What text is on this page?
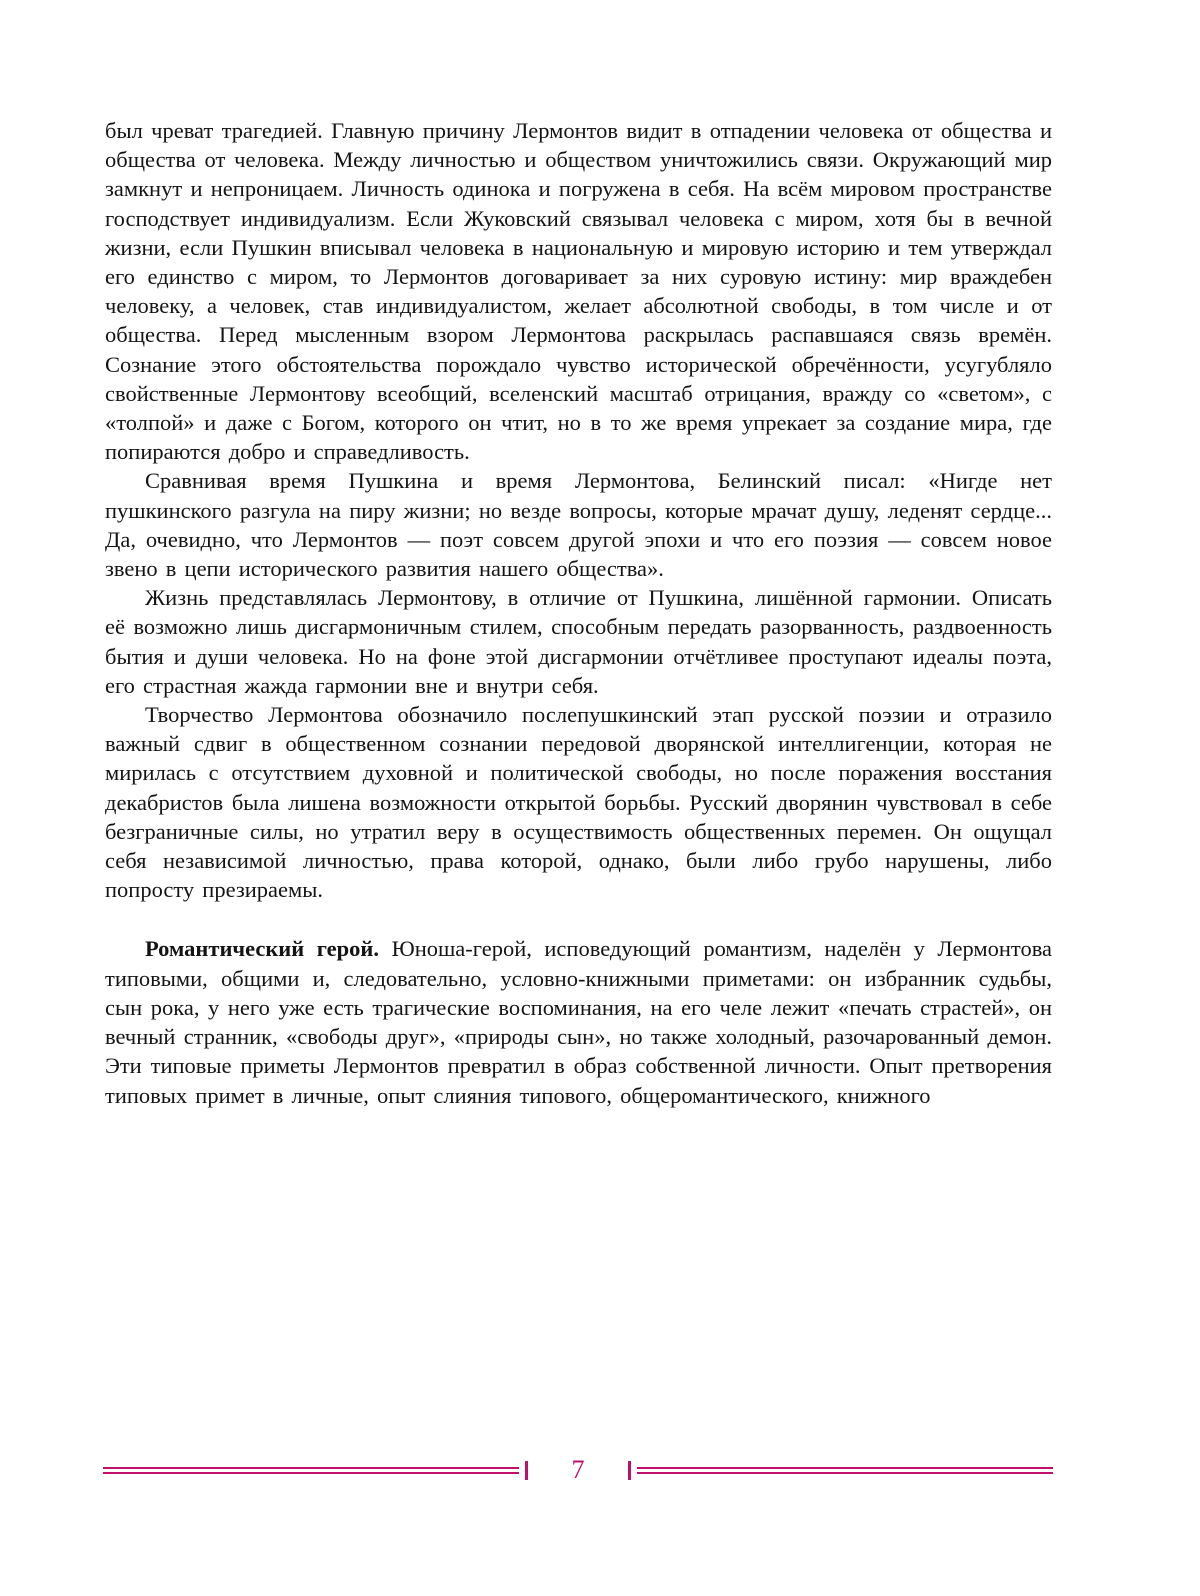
был чреват трагедией. Главную причину Лермонтов видит в отпадении человека от общества и общества от человека. Между личностью и обществом уничтожились связи. Окружающий мир замкнут и непроницаем. Личность одинока и погружена в себя. На всём мировом пространстве господствует индивидуализм. Если Жуковский связывал человека с миром, хотя бы в вечной жизни, если Пушкин вписывал человека в национальную и мировую историю и тем утверждал его единство с миром, то Лермонтов договаривает за них суровую истину: мир враждебен человеку, а человек, став индивидуалистом, желает абсолютной свободы, в том числе и от общества. Перед мысленным взором Лермонтова раскрылась распавшаяся связь времён. Сознание этого обстоятельства порождало чувство исторической обречённости, усугубляло свойственные Лермонтову всеобщий, вселенский масштаб отрицания, вражду со «светом», с «толпой» и даже с Богом, которого он чтит, но в то же время упрекает за создание мира, где попираются добро и справедливость.

Сравнивая время Пушкина и время Лермонтова, Белинский писал: «Нигде нет пушкинского разгула на пиру жизни; но везде вопросы, которые мрачат душу, леденят сердце... Да, очевидно, что Лермонтов — поэт совсем другой эпохи и что его поэзия — совсем новое звено в цепи исторического развития нашего общества».

Жизнь представлялась Лермонтову, в отличие от Пушкина, лишённой гармонии. Описать её возможно лишь дисгармоничным стилем, способным передать разорванность, раздвоенность бытия и души человека. Но на фоне этой дисгармонии отчётливее проступают идеалы поэта, его страстная жажда гармонии вне и внутри себя.

Творчество Лермонтова обозначило послепушкинский этап русской поэзии и отразило важный сдвиг в общественном сознании передовой дворянской интеллигенции, которая не мирилась с отсутствием духовной и политической свободы, но после поражения восстания декабристов была лишена возможности открытой борьбы. Русский дворянин чувствовал в себе безграничные силы, но утратил веру в осуществимость общественных перемен. Он ощущал себя независимой личностью, права которой, однако, были либо грубо нарушены, либо попросту презираемы.

Романтический герой. Юноша-герой, исповедующий романтизм, наделён у Лермонтова типовыми, общими и, следовательно, условно-книжными приметами: он избранник судьбы, сын рока, у него уже есть трагические воспоминания, на его челе лежит «печать страстей», он вечный странник, «свободы друг», «природы сын», но также холодный, разочарованный демон. Эти типовые приметы Лермонтов превратил в образ собственной личности. Опыт претворения типовых примет в личные, опыт слияния типового, общеромантического, книжного

7
